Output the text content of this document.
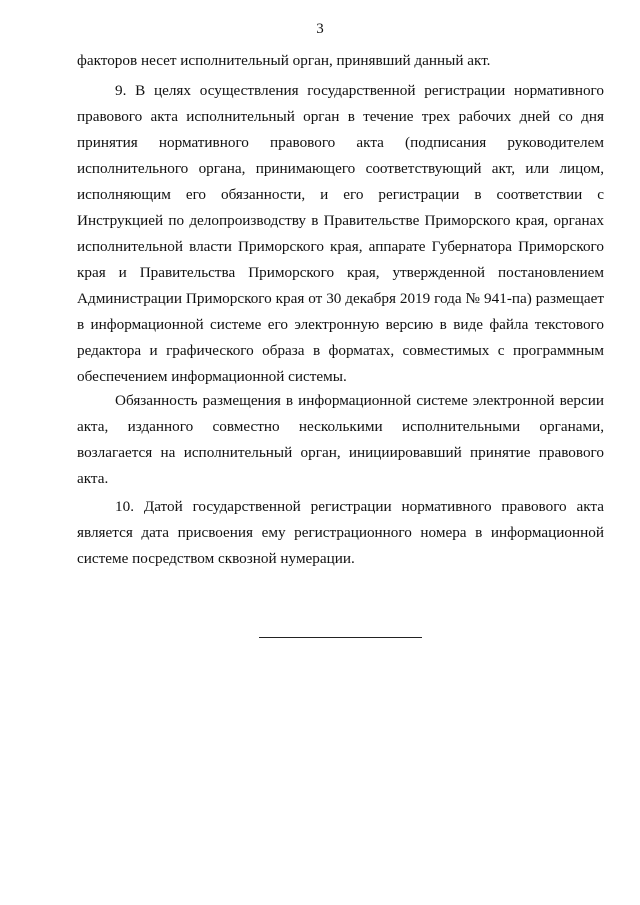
3

факторов несет исполнительный орган, принявший данный акт.

9. В целях осуществления государственной регистрации нормативного правового акта исполнительный орган в течение трех рабочих дней со дня принятия нормативного правового акта (подписания руководителем исполнительного органа, принимающего соответствующий акт, или лицом, исполняющим его обязанности, и его регистрации в соответствии с Инструкцией по делопроизводству в Правительстве Приморского края, органах исполнительной власти Приморского края, аппарате Губернатора Приморского края и Правительства Приморского края, утвержденной постановлением Администрации Приморского края от 30 декабря 2019 года № 941-па) размещает в информационной системе его электронную версию в виде файла текстового редактора и графического образа в форматах, совместимых с программным обеспечением информационной системы.

Обязанность размещения в информационной системе электронной версии акта, изданного совместно несколькими исполнительными органами, возлагается на исполнительный орган, инициировавший принятие правового акта.

10. Датой государственной регистрации нормативного правового акта является дата присвоения ему регистрационного номера в информационной системе посредством сквозной нумерации.
